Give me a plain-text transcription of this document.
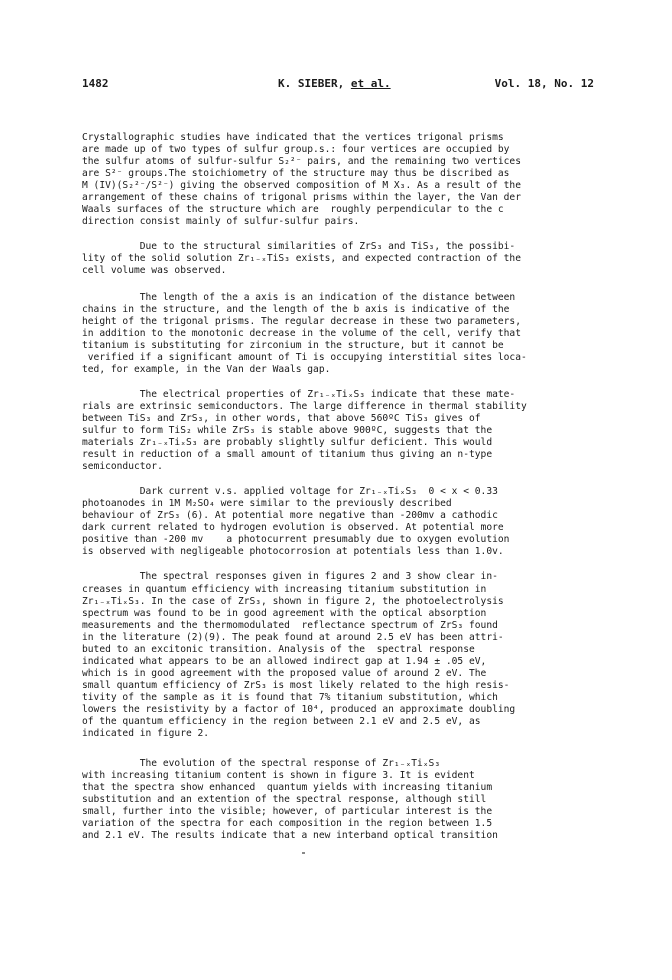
1482	K. SIEBER, et al.	Vol. 18, No. 12
Crystallographic studies have indicated that the vertices trigonal prisms
are made up of two types of sulfur group.s.: four vertices are occupied by
the sulfur atoms of sulfur-sulfur S₂²⁻ pairs, and the remaining two vertices
are S²⁻ groups.The stoichiometry of the structure may thus be discribed as
M (IV)(S₂²⁻/S²⁻) giving the observed composition of M X₃. As a result of the
arrangement of these chains of trigonal prisms within the layer, the Van der
Waals surfaces of the structure which are  roughly perpendicular to the c
direction consist mainly of sulfur-sulfur pairs.
Due to the structural similarities of ZrS₃ and TiS₃, the possibi-
lity of the solid solution Zr₁₋ₓTiS₃ exists, and expected contraction of the
cell volume was observed.
The length of the a axis is an indication of the distance between
chains in the structure, and the length of the b axis is indicative of the
height of the trigonal prisms. The regular decrease in these two parameters,
in addition to the monotonic decrease in the volume of the cell, verify that
titanium is substituting for zirconium in the structure, but it cannot be
verified if a significant amount of Ti is occupying interstitial sites loca-
ted, for example, in the Van der Waals gap.
The electrical properties of Zr₁₋ₓTiₓS₃ indicate that these mate-
rials are extrinsic semiconductors. The large difference in thermal stability
between TiS₃ and ZrS₃, in other words, that above 560ºC TiS₃ gives of
sulfur to form TiS₂ while ZrS₃ is stable above 900ºC, suggests that the
materials Zr₁₋ₓTiₓS₃ are probably slightly sulfur deficient. This would
result in reduction of a small amount of titanium thus giving an n-type
semiconductor.
Dark current v.s. applied voltage for Zr₁₋ₓTiₓS₃  0 < x < 0.33
photoanodes in 1M M₂SO₄ were similar to the previously described
behaviour of ZrS₃ (6). At potential more negative than -200mv a cathodic
dark current related to hydrogen evolution is observed. At potential more
positive than -200 mv    a photocurrent presumably due to oxygen evolution
is observed with negligeable photocorrosion at potentials less than 1.0v.
The spectral responses given in figures 2 and 3 show clear in-
creases in quantum efficiency with increasing titanium substitution in
Zr₁₋ₓTiₓS₃. In the case of ZrS₃, shown in figure 2, the photoelectrolysis
spectrum was found to be in good agreement with the optical absorption
measurements and the thermomodulated  reflectance spectrum of ZrS₃ found
in the literature (2)(9). The peak found at around 2.5 eV has been attri-
buted to an excitonic transition. Analysis of the  spectral response
indicated what appears to be an allowed indirect gap at 1.94 ± .05 eV,
which is in good agreement with the proposed value of around 2 eV. The
small quantum efficiency of ZrS₃ is most likely related to the high resis-
tivity of the sample as it is found that 7% titanium substitution, which
lowers the resistivity by a factor of 10⁴, produced an approximate doubling
of the quantum efficiency in the region between 2.1 eV and 2.5 eV, as
indicated in figure 2.
The evolution of the spectral response of Zr₁₋ₓTiₓS₃
with increasing titanium content is shown in figure 3. It is evident
that the spectra show enhanced  quantum yields with increasing titanium
substitution and an extention of the spectral response, although still
small, further into the visible; however, of particular interest is the
variation of the spectra for each composition in the region between 1.5
and 2.1 eV. The results indicate that a new interband optical transition
